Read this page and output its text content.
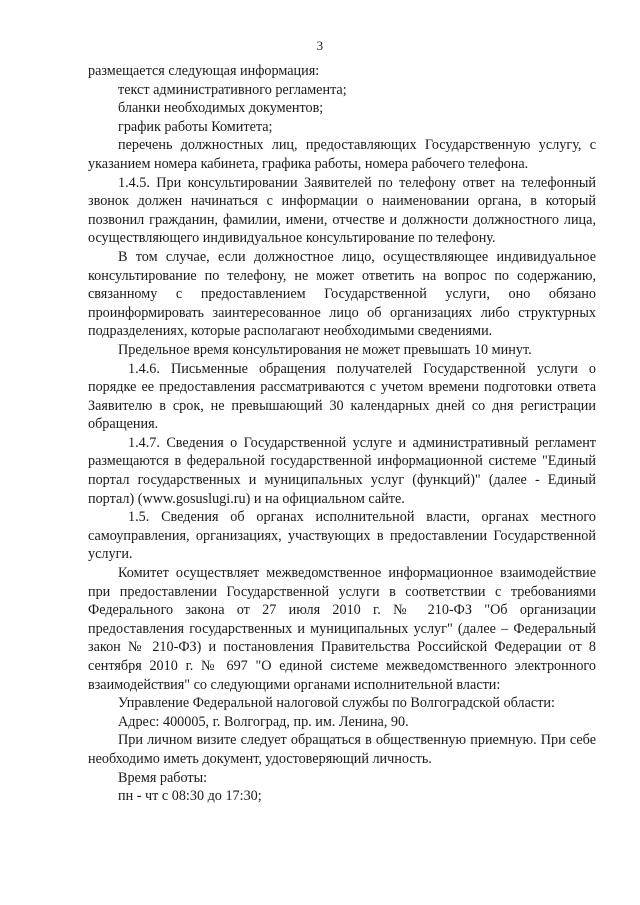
3

размещается следующая информация:

текст административного регламента;

бланки необходимых документов;

график работы Комитета;

перечень должностных лиц, предоставляющих Государственную услугу, с указанием номера кабинета, графика работы, номера рабочего телефона.

1.4.5. При консультировании Заявителей по телефону ответ на телефонный звонок должен начинаться с информации о наименовании органа, в который позвонил гражданин, фамилии, имени, отчестве и должности должностного лица, осуществляющего индивидуальное консультирование по телефону.

В том случае, если должностное лицо, осуществляющее индивидуальное консультирование по телефону, не может ответить на вопрос по содержанию, связанному с предоставлением Государственной услуги, оно обязано проинформировать заинтересованное лицо об организациях либо структурных подразделениях, которые располагают необходимыми сведениями.

Предельное время консультирования не может превышать 10 минут.

1.4.6. Письменные обращения получателей Государственной услуги о порядке ее предоставления рассматриваются с учетом времени подготовки ответа Заявителю в срок, не превышающий 30 календарных дней со дня регистрации обращения.

1.4.7. Сведения о Государственной услуге и административный регламент размещаются в федеральной государственной информационной системе "Единый портал государственных и муниципальных услуг (функций)" (далее - Единый портал) (www.gosuslugi.ru) и на официальном сайте.

1.5. Сведения об органах исполнительной власти, органах местного самоуправления, организациях, участвующих в предоставлении Государственной услуги.

Комитет осуществляет межведомственное информационное взаимодействие при предоставлении Государственной услуги в соответствии с требованиями Федерального закона от 27 июля 2010 г. № 210-ФЗ "Об организации предоставления государственных и муниципальных услуг" (далее – Федеральный закон № 210-ФЗ) и постановления Правительства Российской Федерации от 8 сентября 2010 г. № 697 "О единой системе межведомственного электронного взаимодействия" со следующими органами исполнительной власти:

Управление Федеральной налоговой службы по Волгоградской области:

Адрес: 400005, г. Волгоград, пр. им. Ленина, 90.

При личном визите следует обращаться в общественную приемную. При себе необходимо иметь документ, удостоверяющий личность.

Время работы:

пн - чт с 08:30 до 17:30;
